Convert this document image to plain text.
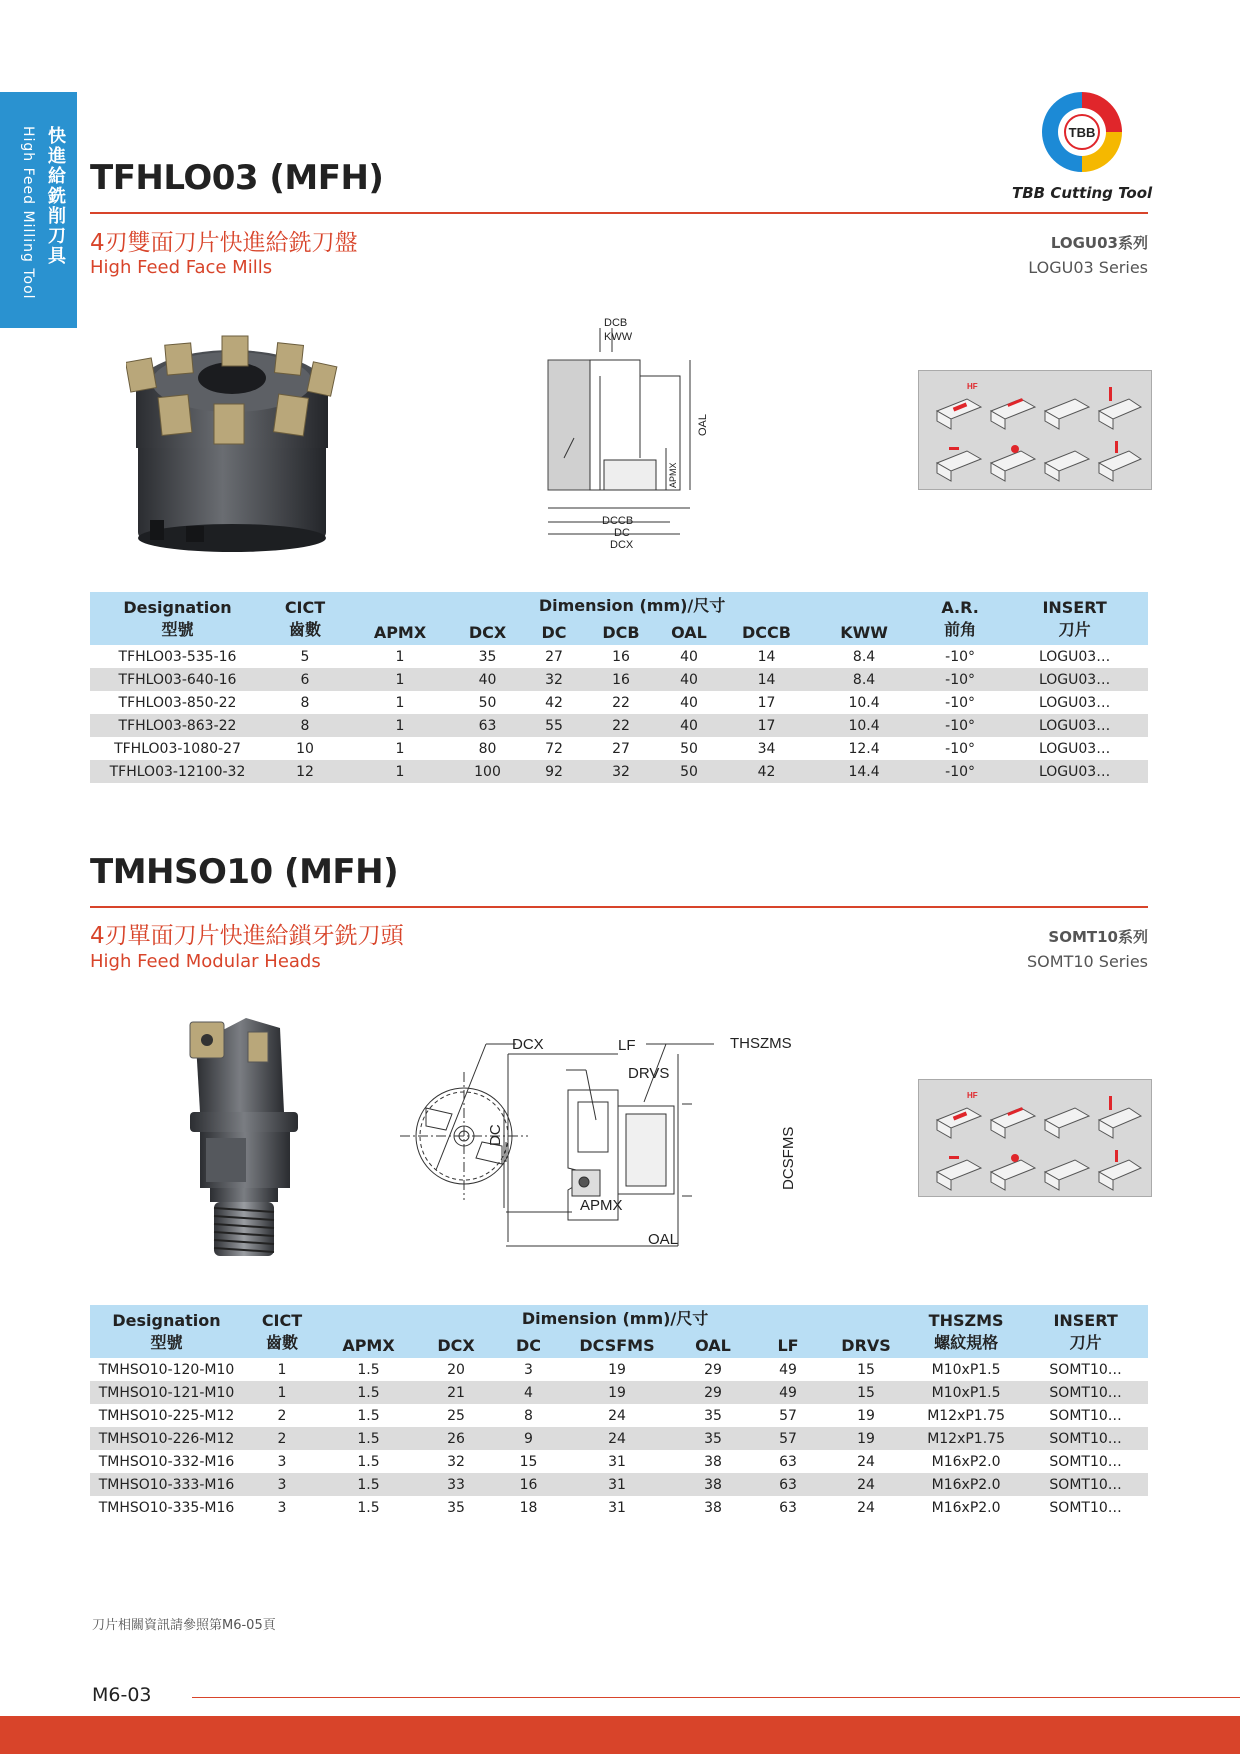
快進給銑削刀具
High Feed Milling Tool	TBB
TBB Cutting Tool
TFHLO03 (MFH)
4刃雙面刀片快進給銑刀盤
High Feed Face Mills
LOGU03系列
LOGU03 Series
DCB
KWW
DCCB
DC
DCX
OAL
APMX
HF
Designation
型號	CICT
齒數	Dimension (mm)/尺寸							A.R.
前角	INSERT
刀片

		APMX	DCX	DC	DCB	OAL	DCCB	KWW		
TFHLO03-535-16	5	1	35	27	16	40	14	8.4	-10°	LOGU03…
TFHLO03-640-16	6	1	40	32	16	40	14	8.4	-10°	LOGU03…
TFHLO03-850-22	8	1	50	42	22	40	17	10.4	-10°	LOGU03…
TFHLO03-863-22	8	1	63	55	22	40	17	10.4	-10°	LOGU03…
TFHLO03-1080-27	10	1	80	72	27	50	34	12.4	-10°	LOGU03…
TFHLO03-12100-32	12	1	100	92	32	50	42	14.4	-10°	LOGU03…
TMHSO10 (MFH)
4刃單面刀片快進給鎖牙銑刀頭
High Feed Modular Heads
SOMT10系列
SOMT10 Series
DCX
DC
LF
DRVS
THSZMS
DCSFMS
APMX
OAL
HF
Designation
型號	CICT
齒數	Dimension (mm)/尺寸							THSZMS
螺紋規格	INSERT
刀片

		APMX	DCX	DC	DCSFMS	OAL	LF	DRVS		
TMHSO10-120-M10	1	1.5	20	3	19	29	49	15	M10xP1.5	SOMT10…
TMHSO10-121-M10	1	1.5	21	4	19	29	49	15	M10xP1.5	SOMT10…
TMHSO10-225-M12	2	1.5	25	8	24	35	57	19	M12xP1.75	SOMT10…
TMHSO10-226-M12	2	1.5	26	9	24	35	57	19	M12xP1.75	SOMT10…
TMHSO10-332-M16	3	1.5	32	15	31	38	63	24	M16xP2.0	SOMT10…
TMHSO10-333-M16	3	1.5	33	16	31	38	63	24	M16xP2.0	SOMT10…
TMHSO10-335-M16	3	1.5	35	18	31	38	63	24	M16xP2.0	SOMT10…
刀片相關資訊請參照第M6-05頁
M6-03
